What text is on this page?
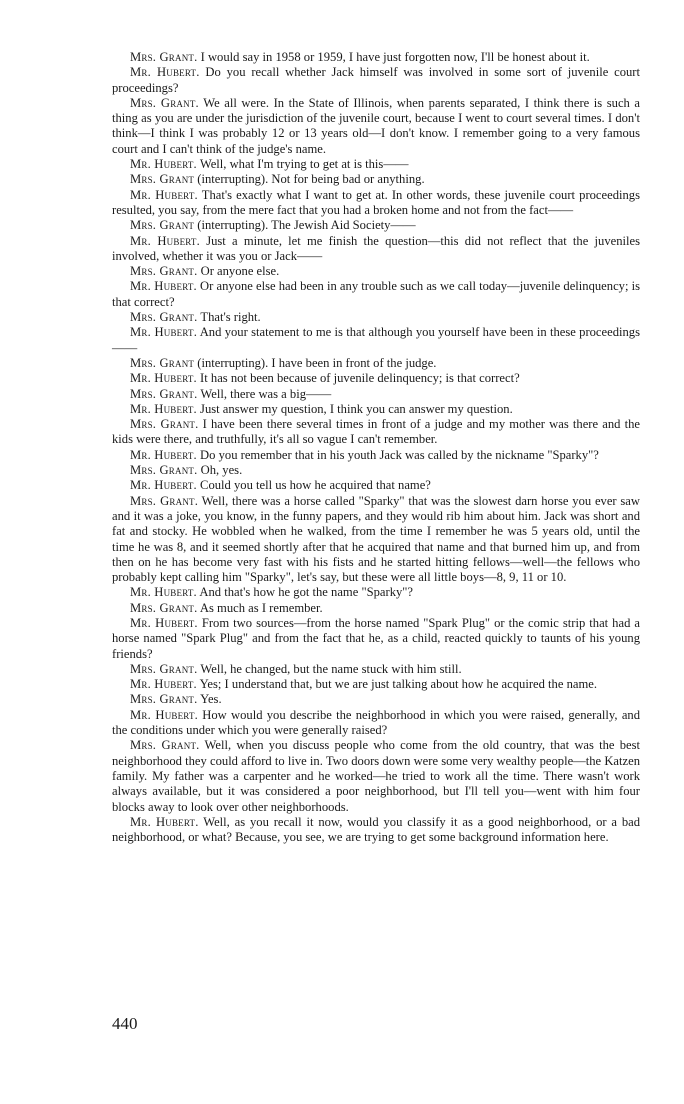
Mrs. Grant. I would say in 1958 or 1959, I have just forgotten now, I'll be honest about it.

Mr. Hubert. Do you recall whether Jack himself was involved in some sort of juvenile court proceedings?

Mrs. Grant. We all were. In the State of Illinois, when parents separated, I think there is such a thing as you are under the jurisdiction of the juvenile court, because I went to court several times. I don't think—I think I was probably 12 or 13 years old—I don't know. I remember going to a very famous court and I can't think of the judge's name.

Mr. Hubert. Well, what I'm trying to get at is this——

Mrs. Grant (interrupting). Not for being bad or anything.

Mr. Hubert. That's exactly what I want to get at. In other words, these juvenile court proceedings resulted, you say, from the mere fact that you had a broken home and not from the fact——

Mrs. Grant (interrupting). The Jewish Aid Society——

Mr. Hubert. Just a minute, let me finish the question—this did not reflect that the juveniles involved, whether it was you or Jack——

Mrs. Grant. Or anyone else.

Mr. Hubert. Or anyone else had been in any trouble such as we call today—juvenile delinquency; is that correct?

Mrs. Grant. That's right.

Mr. Hubert. And your statement to me is that although you yourself have been in these proceedings——

Mrs. Grant (interrupting). I have been in front of the judge.

Mr. Hubert. It has not been because of juvenile delinquency; is that correct?

Mrs. Grant. Well, there was a big——

Mr. Hubert. Just answer my question, I think you can answer my question.

Mrs. Grant. I have been there several times in front of a judge and my mother was there and the kids were there, and truthfully, it's all so vague I can't remember.

Mr. Hubert. Do you remember that in his youth Jack was called by the nickname "Sparky"?

Mrs. Grant. Oh, yes.

Mr. Hubert. Could you tell us how he acquired that name?

Mrs. Grant. Well, there was a horse called "Sparky" that was the slowest darn horse you ever saw and it was a joke, you know, in the funny papers, and they would rib him about him. Jack was short and fat and stocky. He wobbled when he walked, from the time I remember he was 5 years old, until the time he was 8, and it seemed shortly after that he acquired that name and that burned him up, and from then on he has become very fast with his fists and he started hitting fellows—well—the fellows who probably kept calling him "Sparky", let's say, but these were all little boys—8, 9, 11 or 10.

Mr. Hubert. And that's how he got the name "Sparky"?

Mrs. Grant. As much as I remember.

Mr. Hubert. From two sources—from the horse named "Spark Plug" or the comic strip that had a horse named "Spark Plug" and from the fact that he, as a child, reacted quickly to taunts of his young friends?

Mrs. Grant. Well, he changed, but the name stuck with him still.

Mr. Hubert. Yes; I understand that, but we are just talking about how he acquired the name.

Mrs. Grant. Yes.

Mr. Hubert. How would you describe the neighborhood in which you were raised, generally, and the conditions under which you were generally raised?

Mrs. Grant. Well, when you discuss people who come from the old country, that was the best neighborhood they could afford to live in. Two doors down were some very wealthy people—the Katzen family. My father was a carpenter and he worked—he tried to work all the time. There wasn't work always available, but it was considered a poor neighborhood, but I'll tell you—went with him four blocks away to look over other neighborhoods.

Mr. Hubert. Well, as you recall it now, would you classify it as a good neighborhood, or a bad neighborhood, or what? Because, you see, we are trying to get some background information here.

440
